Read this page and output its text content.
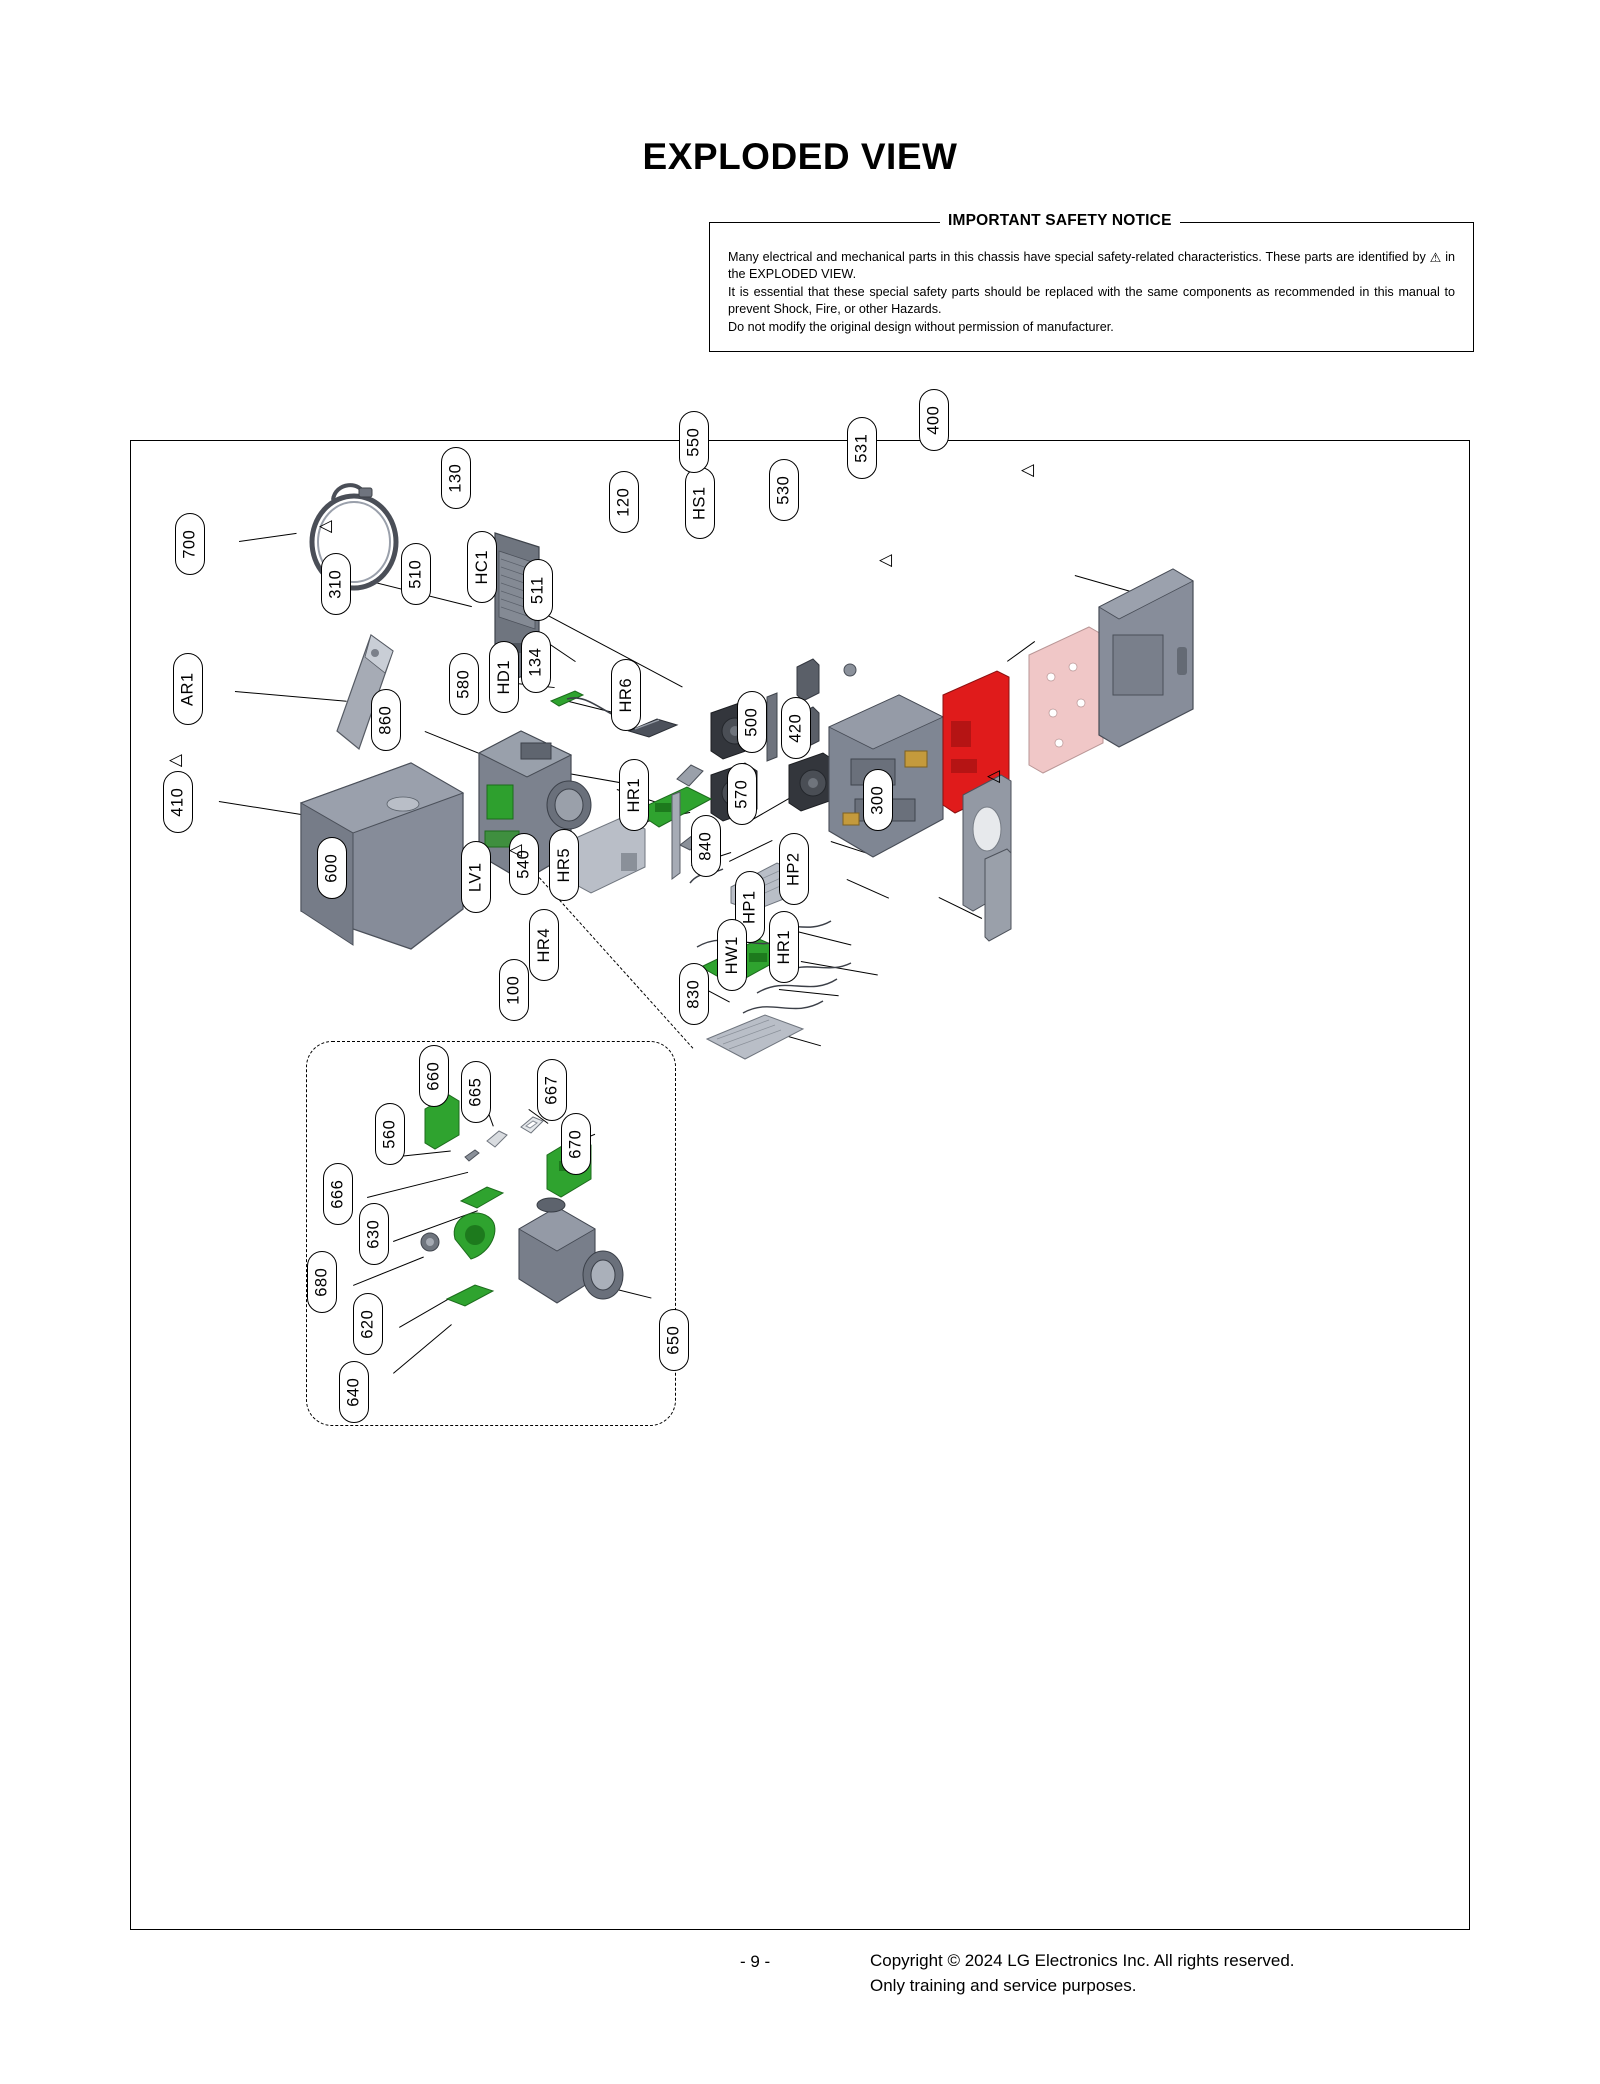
EXPLODED VIEW
IMPORTANT SAFETY NOTICE

Many electrical and mechanical parts in this chassis have special safety-related characteristics. These parts are identified by ⚠ in the EXPLODED VIEW.

It is essential that these special safety parts should be replaced with the same components as recommended in this manual to prevent Shock, Fire, or other Hazards.

Do not modify the original design without permission of manufacturer.

◁
◁
◁
◁
◁
◁
700
310
AR1
410
600
860
510	HC1
130
511
134
580 HD1
LV1 540 HR5
HR6
HR1
120	HS1
550
530
531
400
500 420
570	300
840
HP2
HP1
HR1
HW1
HR4
100	830
660
665	667
670
560
666
630
680
620
640
650
- 9 -	Copyright © 2024 LG Electronics Inc. All rights reserved.
Only training and service purposes.
